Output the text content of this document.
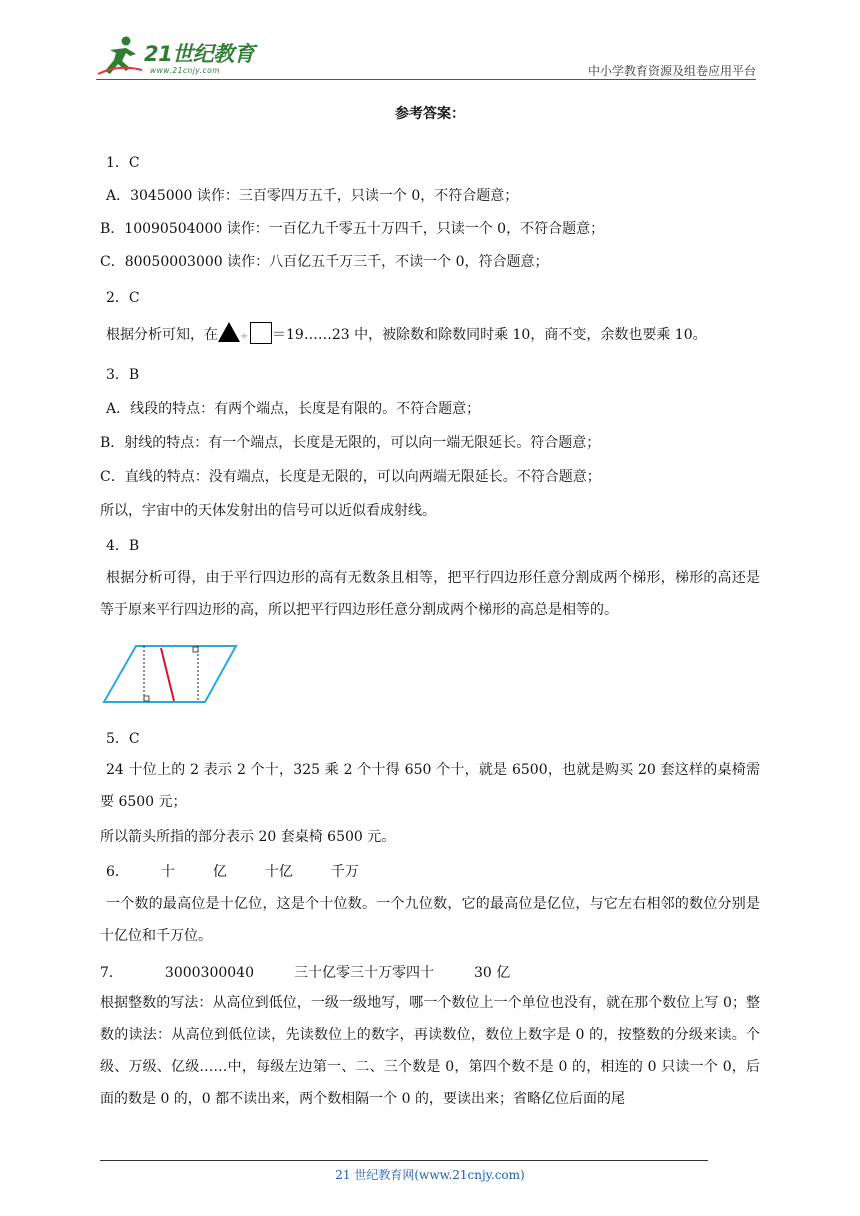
21世纪教育
www.21cnjy.com	中小学教育资源及组卷应用平台
参考答案：
1．C
A．3045000 读作：三百零四万五千，只读一个 0，不符合题意；
B．10090504000 读作：一百亿九千零五十万四千，只读一个 0，不符合题意；
C．80050003000 读作：八百亿五千万三千，不读一个 0，符合题意；
2．C
根据分析可知，在 ÷ ＝19……23 中，被除数和除数同时乘 10，商不变，余数也要乘 10。
3．B
A．线段的特点：有两个端点，长度是有限的。不符合题意；
B．射线的特点：有一个端点，长度是无限的，可以向一端无限延长。符合题意；
C．直线的特点：没有端点，长度是无限的，可以向两端无限延长。不符合题意；
所以，宇宙中的天体发射出的信号可以近似看成射线。
4．B
根据分析可得，由于平行四边形的高有无数条且相等，把平行四边形任意分割成两个梯形，梯形的高还是等于原来平行四边形的高，所以把平行四边形任意分割成两个梯形的高总是相等的。
5．C
24 十位上的 2 表示 2 个十，325 乘 2 个十得 650 个十，就是 6500，也就是购买 20 套这样的桌椅需要 6500 元；
所以箭头所指的部分表示 20 套桌椅 6500 元。
6． 十	亿	十亿	千万
一个数的最高位是十亿位，这是个十位数。一个九位数，它的最高位是亿位，与它左右相邻的数位分别是十亿位和千万位。
7．	3000300040	三十亿零三十万零四十	30 亿
根据整数的写法：从高位到低位，一级一级地写，哪一个数位上一个单位也没有，就在那个数位上写 0；整数的读法：从高位到低位读，先读数位上的数字，再读数位，数位上数字是 0 的，按整数的分级来读。个级、万级、亿级……中，每级左边第一、二、三个数是 0，第四个数不是 0 的，相连的 0 只读一个 0，后面的数是 0 的，0 都不读出来，两个数相隔一个 0 的，要读出来；省略亿位后面的尾
21 世纪教育网(www.21cnjy.com)
